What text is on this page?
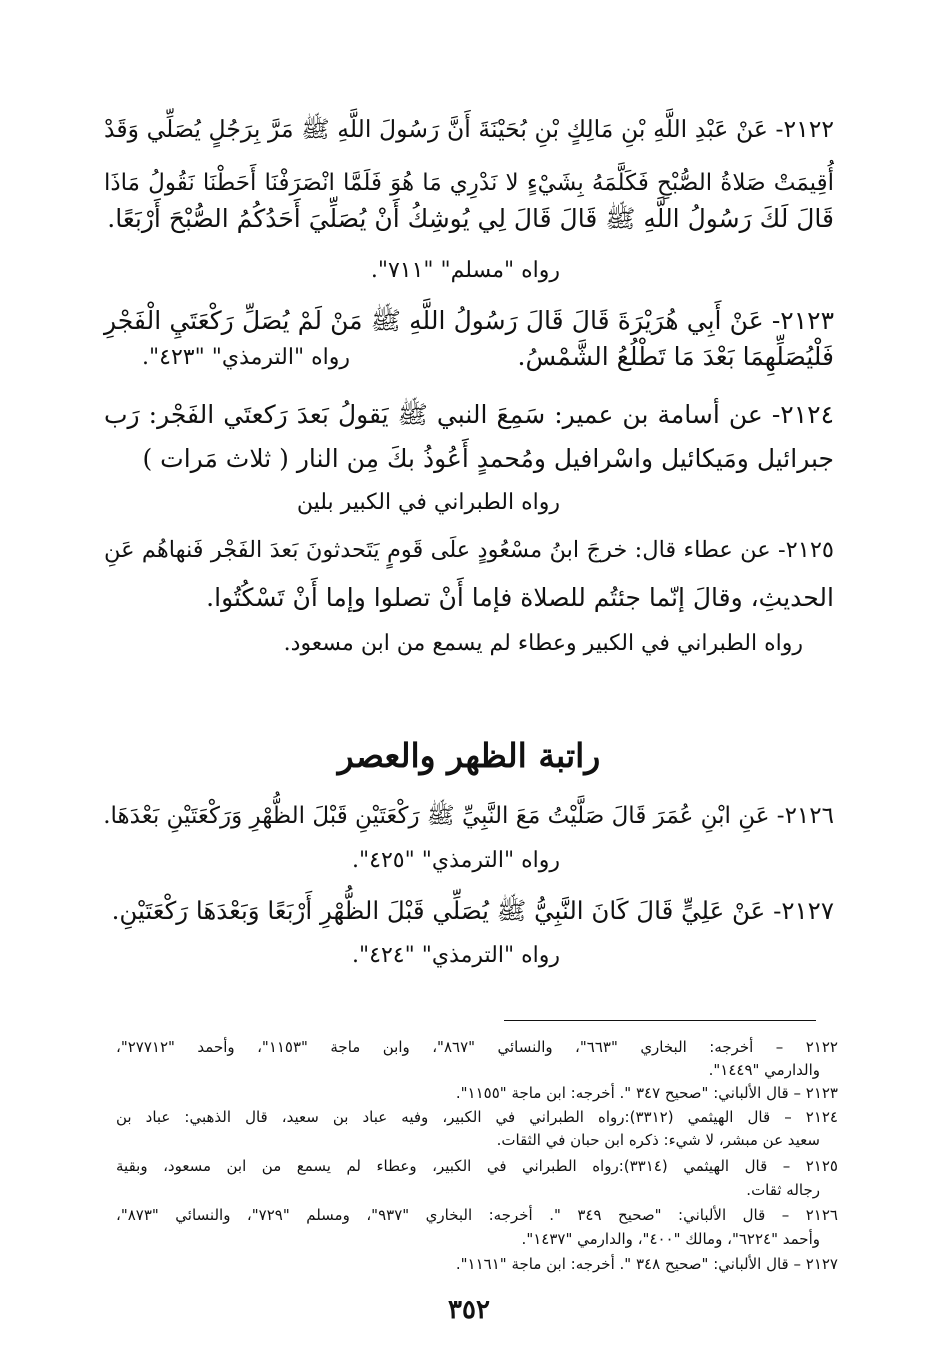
٢١٢٢- عَنْ عَبْدِ اللَّهِ بْنِ مَالِكٍ بْنِ بُحَيْنَةَ أَنَّ رَسُولَ اللَّهِ ﷺ مَرَّ بِرَجُلٍ يُصَلِّي وَقَدْ
أُقِيمَتْ صَلاةُ الصُّبْحِ فَكَلَّمَهُ بِشَيْءٍ لا نَدْرِي مَا هُوَ فَلَمَّا انْصَرَفْنَا أَحَطْنَا نَقُولُ مَاذَا
قَالَ لَكَ رَسُولُ اللَّهِ ﷺ قَالَ قَالَ لِي يُوشِكُ أَنْ يُصَلِّيَ أَحَدُكُمُ الصُّبْحَ أَرْبَعًا.
رواه "مسلم" "٧١١".
٢١٢٣- عَنْ أَبِي هُرَيْرَةَ قَالَ قَالَ رَسُولُ اللَّهِ ﷺ مَنْ لَمْ يُصَلِّ رَكْعَتَيِ الْفَجْرِ
فَلْيُصَلِّهِمَا بَعْدَ مَا تَطْلُعُ الشَّمْسُ.
رواه "الترمذي" "٤٢٣".
٢١٢٤- عن أسامة بن عمير: سَمِعَ النبي ﷺ يَقولُ بَعدَ رَكعتَي الفَجْر: رَب
جبرائيل ومَيكائيل واسْرافيل ومُحمدٍ أَعُوذُ بكَ مِن النار ( ثلاث مَرات )
رواه الطبراني في الكبير بلين
٢١٢٥- عن عطاء قال: خرجَ ابنُ مسْعُودٍ علَى قَومٍ يَتَحدثونَ بَعدَ الفَجْر فَنهاهُم عَنِ
الحديثِ، وقالَ إنّما جئتُم للصلاة فإما أَنْ تصلوا وإما أَنْ تَسْكُتُوا.
رواه الطبراني في الكبير وعطاء لم يسمع من ابن مسعود.
راتبة الظهر والعصر
٢١٢٦- عَنِ ابْنِ عُمَرَ قَالَ صَلَّيْتُ مَعَ النَّبِيِّ ﷺ رَكْعَتَيْنِ قَبْلَ الظُّهْرِ وَرَكْعَتَيْنِ بَعْدَهَا.
رواه "الترمذي" "٤٢٥".
٢١٢٧- عَنْ عَلِيٍّ قَالَ كَانَ النَّبِيُّ ﷺ يُصَلِّي قَبْلَ الظُّهْرِ أَرْبَعًا وَبَعْدَهَا رَكْعَتَيْنِ.
رواه "الترمذي" "٤٢٤".
٢١٢٢ – أخرجه: البخاري "٦٦٣"، والنسائي "٨٦٧"، وابن ماجة "١١٥٣"، وأحمد "٢٧٧١٢"،
والدارمي "١٤٤٩".
٢١٢٣ – قال الألباني: "صحيح ٣٤٧ ". أخرجه: ابن ماجة "١١٥٥".
٢١٢٤ – قال الهيثمي (٣٣١٢):رواه الطبراني في الكبير، وفيه عباد بن سعيد، قال الذهبي: عباد بن
سعيد عن مبشر، لا شيء: ذكره ابن حبان في الثقات.
٢١٢٥ – قال الهيثمي (٣٣١٤):رواه الطبراني في الكبير، وعطاء لم يسمع من ابن مسعود، وبقية
رجاله ثقات.
٢١٢٦ – قال الألباني: "صحيح ٣٤٩ ". أخرجه: البخاري "٩٣٧"، ومسلم "٧٢٩"، والنسائي "٨٧٣"،
وأحمد "٦٢٢٤"، ومالك "٤٠٠"، والدارمي "١٤٣٧".
٢١٢٧ – قال الألباني: "صحيح ٣٤٨ ". أخرجه: ابن ماجة "١١٦١".
٣٥٢
